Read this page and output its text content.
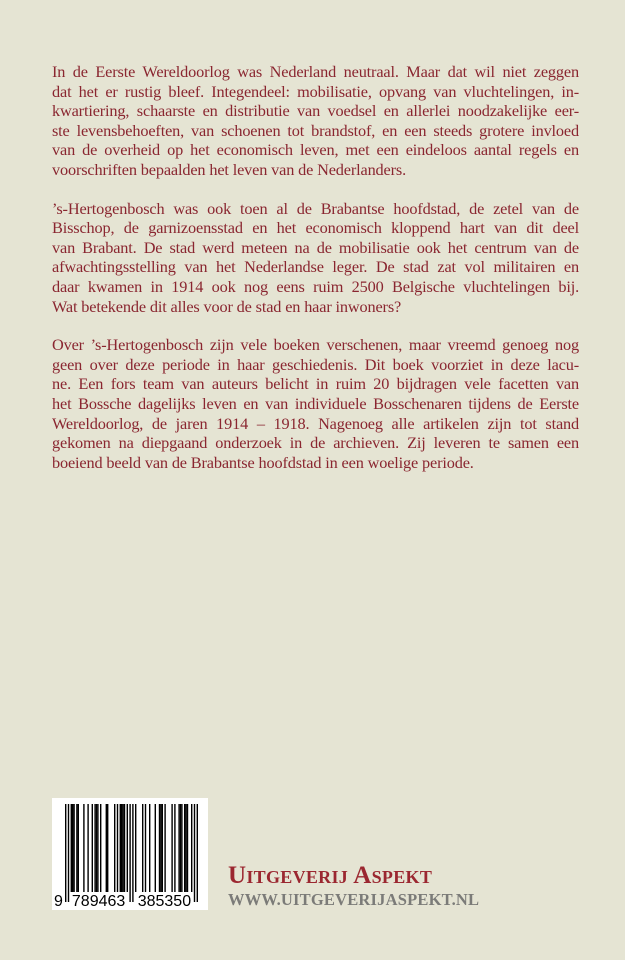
In de Eerste Wereldoorlog was Nederland neutraal. Maar dat wil niet zeggen
dat het er rustig bleef. Integendeel: mobilisatie, opvang van vluchtelingen, in-
kwartiering, schaarste en distributie van voedsel en allerlei noodzakelijke eer-
ste levensbehoeften, van schoenen tot brandstof, en een steeds grotere invloed
van de overheid op het economisch leven, met een eindeloos aantal regels en
voorschriften bepaalden het leven van de Nederlanders.

’s-Hertogenbosch was ook toen al de Brabantse hoofdstad, de zetel van de
Bisschop, de garnizoensstad en het economisch kloppend hart van dit deel
van Brabant. De stad werd meteen na de mobilisatie ook het centrum van de
afwachtingsstelling van het Nederlandse leger. De stad zat vol militairen en
daar kwamen in 1914 ook nog eens ruim 2500 Belgische vluchtelingen bij.
Wat betekende dit alles voor de stad en haar inwoners?

Over ’s-Hertogenbosch zijn vele boeken verschenen, maar vreemd genoeg nog
geen over deze periode in haar geschiedenis. Dit boek voorziet in deze lacu-
ne. Een fors team van auteurs belicht in ruim 20 bijdragen vele facetten van
het Bossche dagelijks leven en van individuele Bosschenaren tijdens de Eerste
Wereldoorlog, de jaren 1914 – 1918. Nagenoeg alle artikelen zijn tot stand
gekomen na diepgaand onderzoek in de archieven. Zij leveren te samen een
boeiend beeld van de Brabantse hoofdstad in een woelige periode.

9 789463 385350
Uitgeverij Aspekt
WWW.UITGEVERIJASPEKT.NL
